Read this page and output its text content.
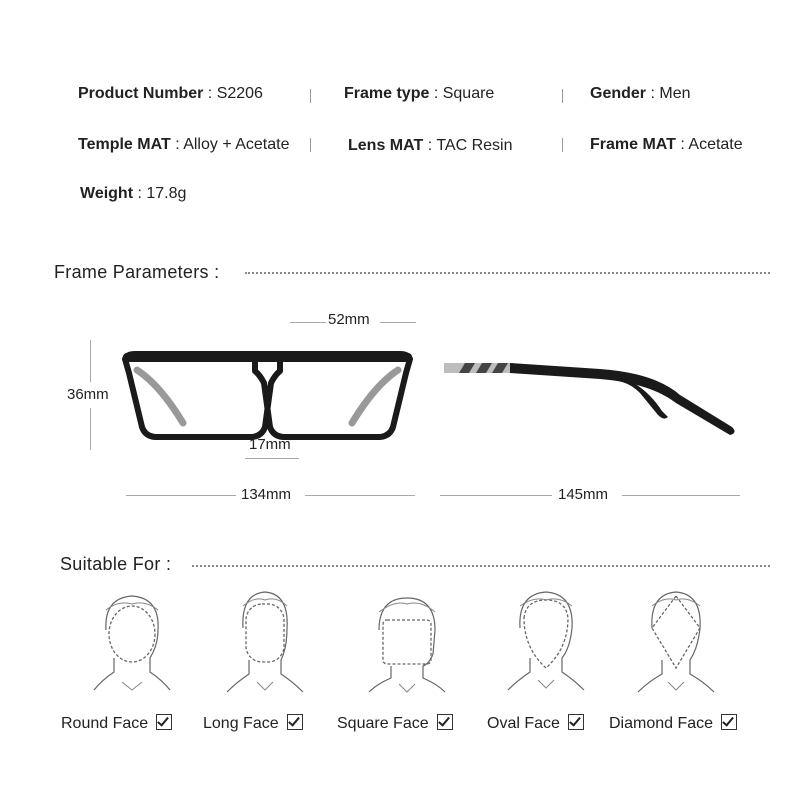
Product Number : S2206	Frame type : Square	Gender : Men
Temple MAT : Alloy + Acetate	Lens MAT : TAC Resin	Frame MAT : Acetate
Weight : 17.8g
Frame Parameters :
52mm
36mm
17mm
134mm	145mm
Suitable For :
Round Face	Long Face	Square Face	Oval Face	Diamond Face
